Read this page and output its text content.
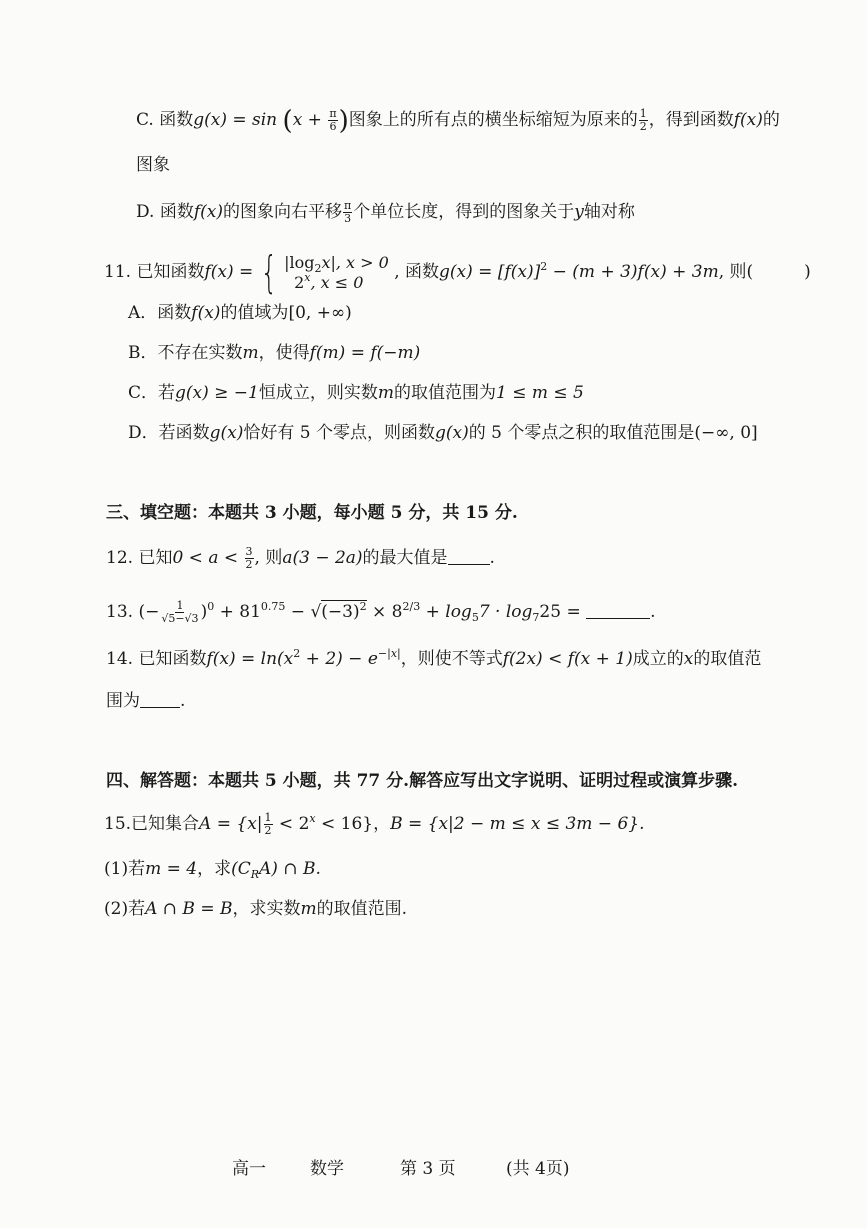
C. 函数$g(x) = \sin (x + \frac{\pi}{6}$ )图象上的所有点的横坐标缩短为原来的 $\frac{1}{2}$ ，得到函数f(x)的
图象
D. 函数f(x)的图象向右平移 $\frac{\pi}{3}$ 个单位长度，得到的图象关于y轴对称
11. 已知函数f(x) = { $|\log_2x|$, x > 0
2$^x$, x ≤ 0	, 函数$g(x) = [f(x)]^2 - (m + 3)f(x) + 3m$, 则(　　　)
A．函数f(x)的值域为[0, +∞)
B．不存在实数m，使得f(m) = f(−m)
C．若g(x) ≥ −1恒成立，则实数m的取值范围为1 ≤ m ≤ 5
D．若函数g(x)恰好有 5 个零点，则函数g(x)的 5 个零点之积的取值范围是(−∞, 0]
三、填空题：本题共 3 小题，每小题 5 分，共 15 分.
12. 已知$0 < a < \frac{3}{2}$ , 则a(3 − 2a)的最大值是 .
13. (− $\frac{1}{√5-√3} )^0 + 81^{0.75} - √(-3)^2 \times 8^{2/3} + \log_57 \cdot \log_725$ =	.
14. 已知函数$f(x) = \ln(x^2 + 2) - e^{-|x|}$，则使不等式f(2x) < f(x + 1)成立的x的取值范
围为 .
四、解答题：本题共 5 小题，共 77 分.解答应写出文字说明、证明过程或演算步骤.
15.已知集合$A = \{x| \frac{1}{2} < 2^x < 16\}$，B = {x|2 − m ≤ x ≤ 3m − 6}.
(1)若m = 4，求$(C_RA)$ ∩ B.
(2)若A ∩ B = B，求实数m的取值范围.
高一	数学	第 3 页	(共 4页)
